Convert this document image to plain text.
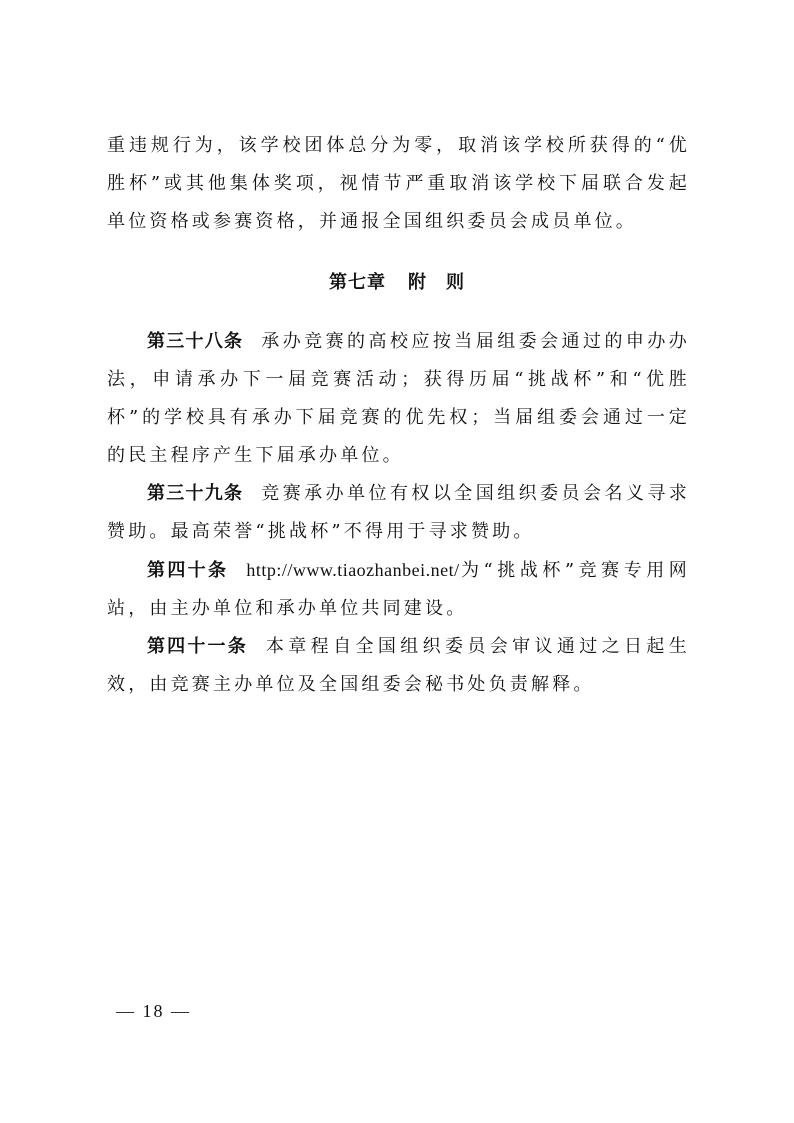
重违规行为，该学校团体总分为零，取消该学校所获得的“优胜杯”或其他集体奖项，视情节严重取消该学校下届联合发起单位资格或参赛资格，并通报全国组织委员会成员单位。

第七章 附　则

第三十八条 承办竞赛的高校应按当届组委会通过的申办办法，申请承办下一届竞赛活动；获得历届“挑战杯”和“优胜杯”的学校具有承办下届竞赛的优先权；当届组委会通过一定的民主程序产生下届承办单位。

第三十九条 竞赛承办单位有权以全国组织委员会名义寻求赞助。最高荣誉“挑战杯”不得用于寻求赞助。

第四十条 http://www.tiaozhanbei.net/为“挑战杯”竞赛专用网站，由主办单位和承办单位共同建设。

第四十一条 本章程自全国组织委员会审议通过之日起生效，由竞赛主办单位及全国组委会秘书处负责解释。

— 18 —
